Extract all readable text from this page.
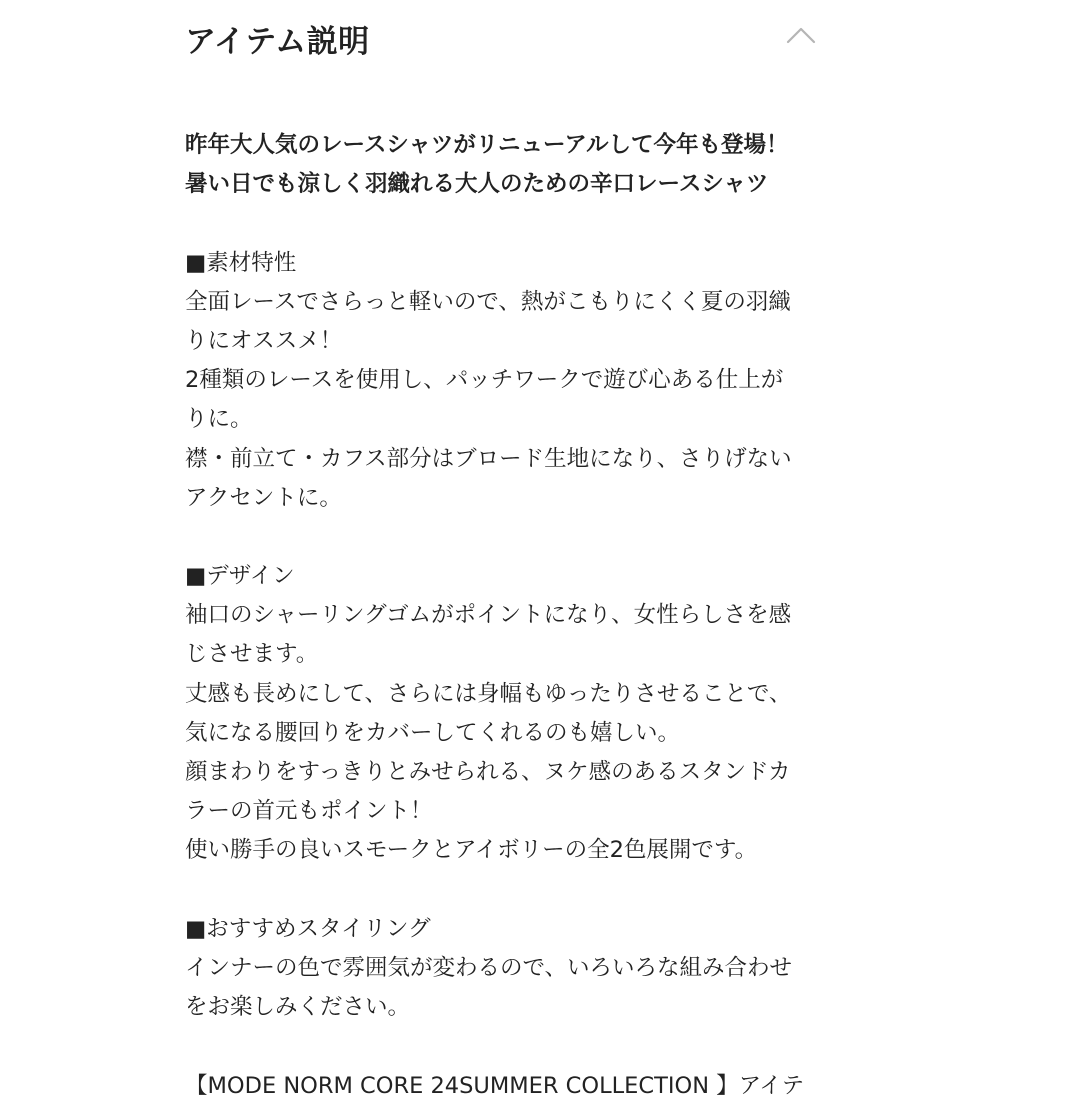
アイテム説明
昨年大人気のレースシャツがリニューアルして今年も登場！
暑い日でも涼しく羽織れる大人のための辛口レースシャツ
■素材特性
全面レースでさらっと軽いので、熱がこもりにくく夏の羽織
りにオススメ！
2種類のレースを使用し、パッチワークで遊び心ある仕上が
りに。
襟・前立て・カフス部分はブロード生地になり、さりげない
アクセントに。
■デザイン
袖口のシャーリングゴムがポイントになり、女性らしさを感
じさせます。
丈感も長めにして、さらには身幅もゆったりさせることで、
気になる腰回りをカバーしてくれるのも嬉しい。
顔まわりをすっきりとみせられる、ヌケ感のあるスタンドカ
ラーの首元もポイント！
使い勝手の良いスモークとアイボリーの全2色展開です。
■おすすめスタイリング
インナーの色で雰囲気が変わるので、いろいろな組み合わせ
をお楽しみください。
【MODE NORM CORE 24SUMMER COLLECTION 】アイテ
